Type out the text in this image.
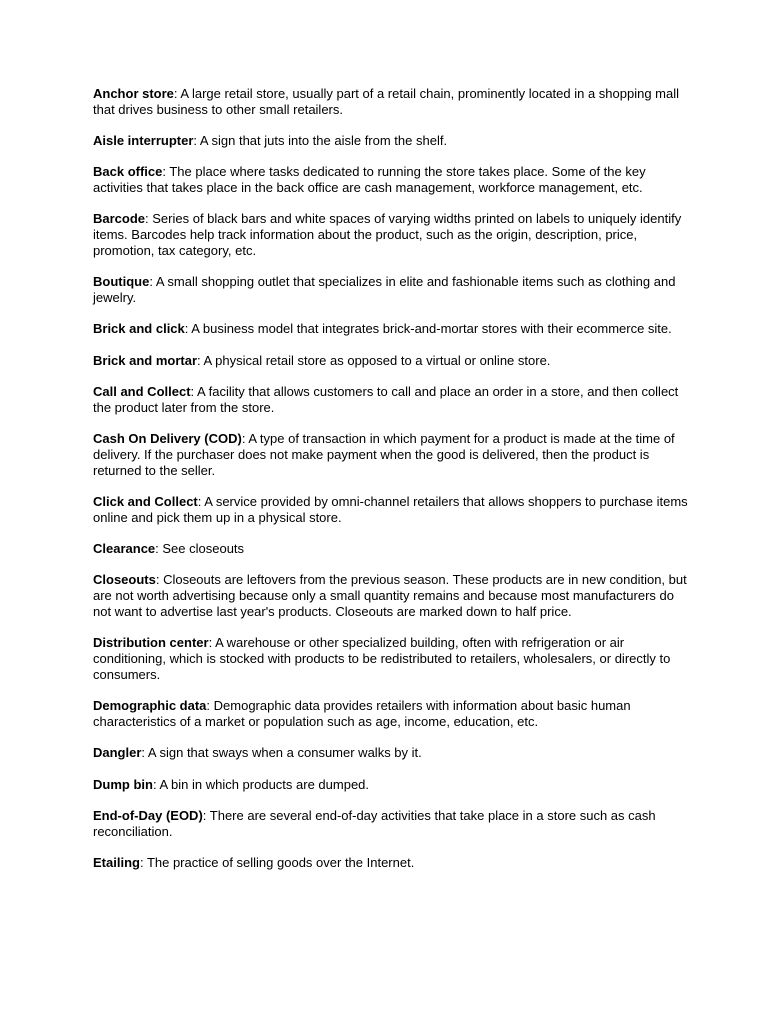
Anchor store: A large retail store, usually part of a retail chain, prominently located in a shopping mall that drives business to other small retailers.

Aisle interrupter: A sign that juts into the aisle from the shelf.

Back office: The place where tasks dedicated to running the store takes place. Some of the key activities that takes place in the back office are cash management, workforce management, etc.

Barcode: Series of black bars and white spaces of varying widths printed on labels to uniquely identify items. Barcodes help track information about the product, such as the origin, description, price, promotion, tax category, etc.

Boutique: A small shopping outlet that specializes in elite and fashionable items such as clothing and jewelry.

Brick and click: A business model that integrates brick-and-mortar stores with their ecommerce site.

Brick and mortar: A physical retail store as opposed to a virtual or online store.

Call and Collect: A facility that allows customers to call and place an order in a store, and then collect the product later from the store.

Cash On Delivery (COD): A type of transaction in which payment for a product is made at the time of delivery. If the purchaser does not make payment when the good is delivered, then the product is returned to the seller.

Click and Collect: A service provided by omni-channel retailers that allows shoppers to purchase items online and pick them up in a physical store.

Clearance: See closeouts

Closeouts: Closeouts are leftovers from the previous season. These products are in new condition, but are not worth advertising because only a small quantity remains and because most manufacturers do not want to advertise last year's products. Closeouts are marked down to half price.

Distribution center: A warehouse or other specialized building, often with refrigeration or air conditioning, which is stocked with products to be redistributed to retailers, wholesalers, or directly to consumers.

Demographic data: Demographic data provides retailers with information about basic human characteristics of a market or population such as age, income, education, etc.

Dangler: A sign that sways when a consumer walks by it.

Dump bin: A bin in which products are dumped.

End-of-Day (EOD): There are several end-of-day activities that take place in a store such as cash reconciliation.

Etailing: The practice of selling goods over the Internet.
